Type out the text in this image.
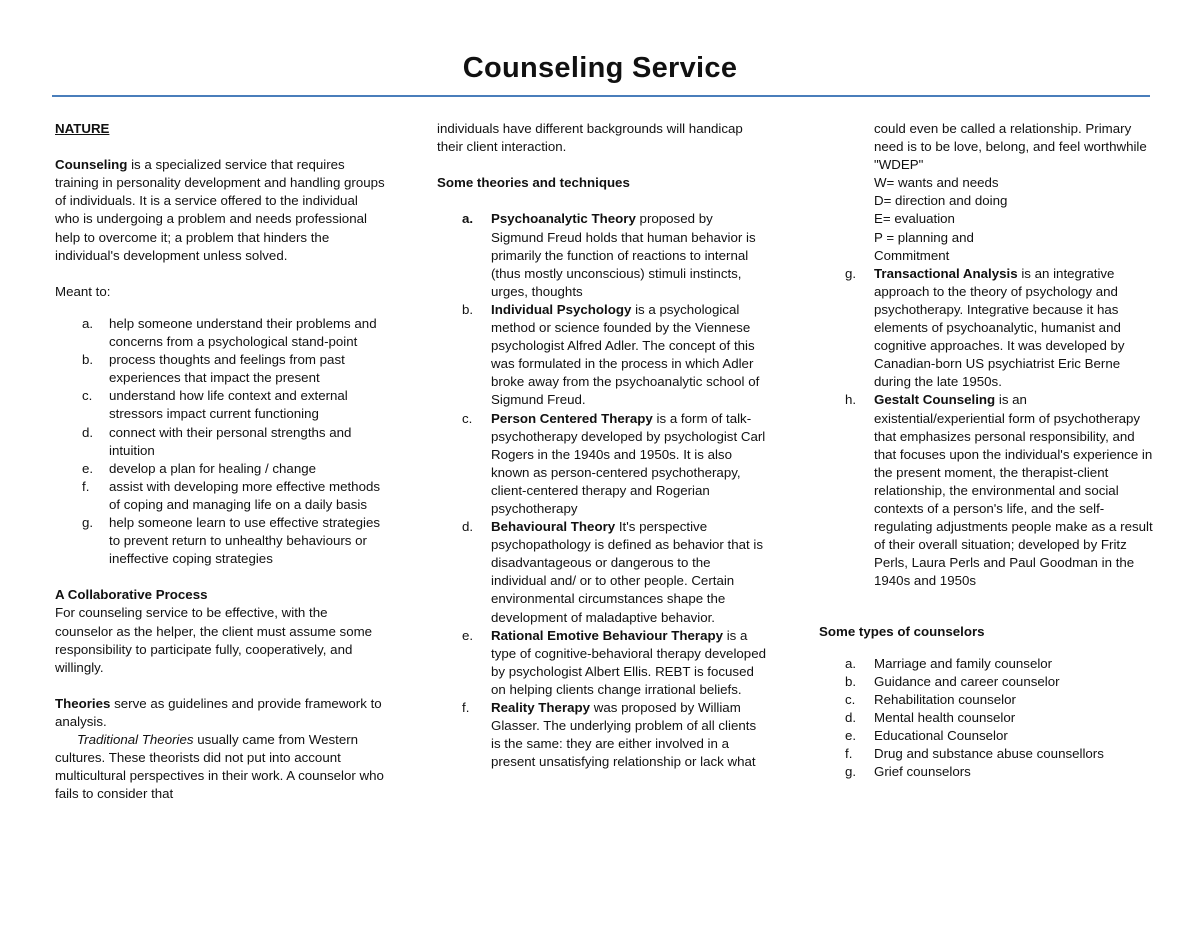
Counseling Service

NATURE

Counseling is a specialized service that requires training in personality development and handling groups of individuals. It is a service offered to the individual who is undergoing a problem and needs professional help to overcome it; a problem that hinders the individual's development unless solved.

Meant to:

a.	help someone understand their problems and concerns from a psychological stand-point
b.	process thoughts and feelings from past experiences that impact the present
c.	understand how life context and external stressors impact current functioning
d.	connect with their personal strengths and intuition
e.	develop a plan for healing / change
f.	assist with developing more effective methods of coping and managing life on a daily basis
g.	help someone learn to use effective strategies to prevent return to unhealthy behaviours or ineffective coping strategies

A Collaborative Process

For counseling service to be effective, with the counselor as the helper, the client must assume some responsibility to participate fully, cooperatively, and willingly.

Theories serve as guidelines and provide framework to analysis.

Traditional Theories usually came from Western cultures. These theorists did not put into account multicultural perspectives in their work. A counselor who fails to consider that

individuals have different backgrounds will handicap their client interaction.

Some theories and techniques

a.	Psychoanalytic Theory proposed by Sigmund Freud holds that human behavior is primarily the function of reactions to internal (thus mostly unconscious) stimuli instincts, urges, thoughts
b.	Individual Psychology is a psychological method or science founded by the Viennese psychologist Alfred Adler. The concept of this was formulated in the process in which Adler broke away from the psychoanalytic school of Sigmund Freud.
c.	Person Centered Therapy is a form of talk-psychotherapy developed by psychologist Carl Rogers in the 1940s and 1950s. It is also known as person-centered psychotherapy, client-centered therapy and Rogerian psychotherapy
d.	Behavioural Theory It's perspective psychopathology is defined as behavior that is disadvantageous or dangerous to the individual and/ or to other people. Certain environmental circumstances shape the development of maladaptive behavior.
e.	Rational Emotive Behaviour Therapy is a type of cognitive-behavioral therapy developed by psychologist Albert Ellis. REBT is focused on helping clients change irrational beliefs.
f.	Reality Therapy was proposed by William Glasser. The underlying problem of all clients is the same: they are either involved in a present unsatisfying relationship or lack what

could even be called a relationship. Primary need is to be love, belong, and feel worthwhile "WDEP"

W= wants and needs

D= direction and doing

E= evaluation

P = planning and

Commitment

g.	Transactional Analysis is an integrative approach to the theory of psychology and psychotherapy. Integrative because it has elements of psychoanalytic, humanist and cognitive approaches. It was developed by Canadian-born US psychiatrist Eric Berne during the late 1950s.
h.	Gestalt Counseling is an existential/experiential form of psychotherapy that emphasizes personal responsibility, and that focuses upon the individual's experience in the present moment, the therapist-client relationship, the environmental and social contexts of a person's life, and the self-regulating adjustments people make as a result of their overall situation; developed by Fritz Perls, Laura Perls and Paul Goodman in the 1940s and 1950s

Some types of counselors

a.	Marriage and family counselor
b.	Guidance and career counselor
c.	Rehabilitation counselor
d.	Mental health counselor
e.	Educational Counselor
f.	Drug and substance abuse counsellors
g.	Grief counselors
